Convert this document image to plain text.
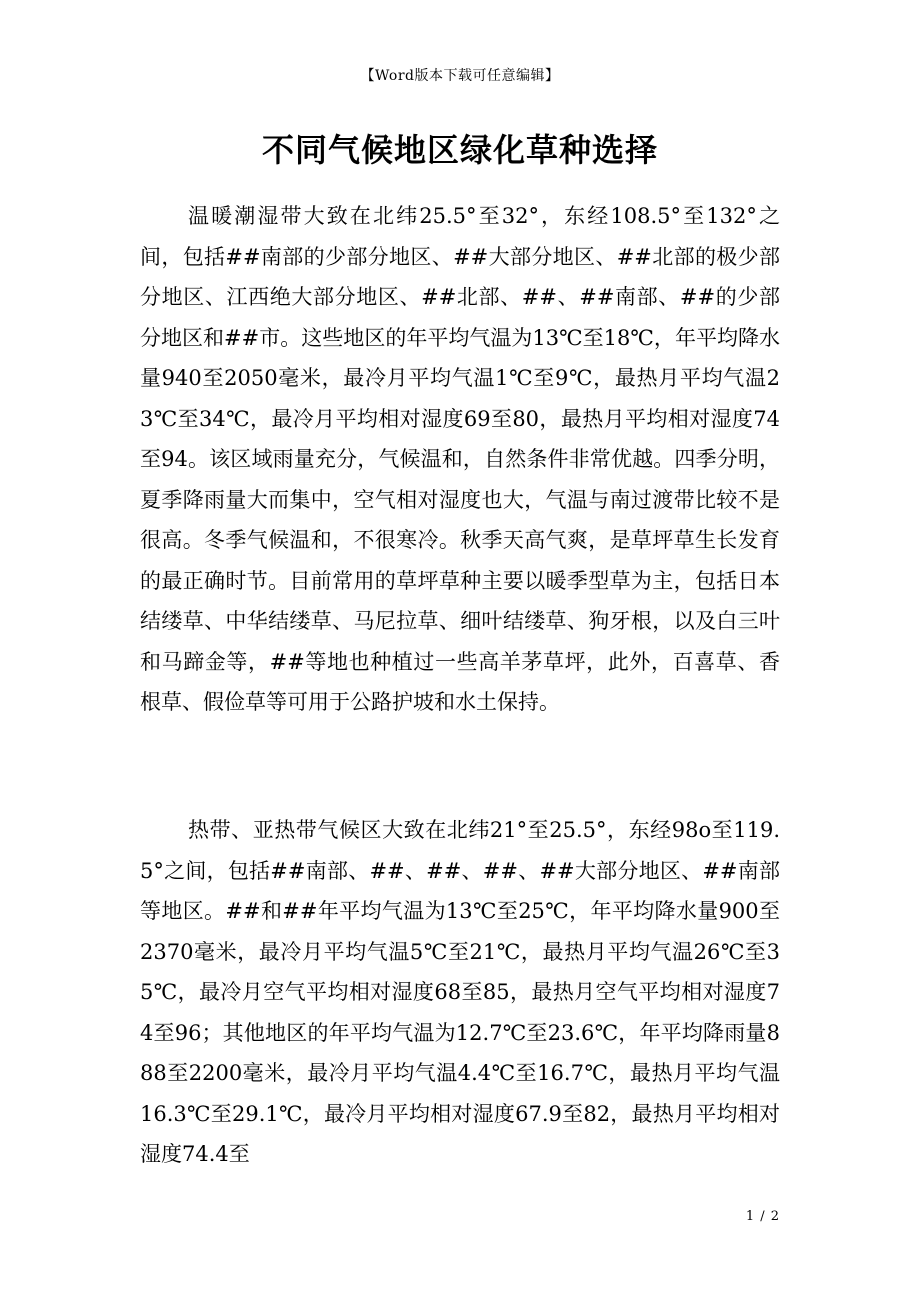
【Word版本下载可任意编辑】
不同气候地区绿化草种选择

温暖潮湿带大致在北纬25.5°至32°，东经108.5°至132°之间，包括##南部的少部分地区、##大部分地区、##北部的极少部分地区、江西绝大部分地区、##北部、##、##南部、##的少部分地区和##市。这些地区的年平均气温为13℃至18℃，年平均降水量940至2050毫米，最冷月平均气温1℃至9℃，最热月平均气温23℃至34℃，最冷月平均相对湿度69至80，最热月平均相对湿度74至94。该区域雨量充分，气候温和，自然条件非常优越。四季分明，夏季降雨量大而集中，空气相对湿度也大，气温与南过渡带比较不是很高。冬季气候温和，不很寒冷。秋季天高气爽，是草坪草生长发育的最正确时节。目前常用的草坪草种主要以暖季型草为主，包括日本结缕草、中华结缕草、马尼拉草、细叶结缕草、狗牙根，以及白三叶和马蹄金等，##等地也种植过一些高羊茅草坪，此外，百喜草、香根草、假俭草等可用于公路护坡和水土保持。

热带、亚热带气候区大致在北纬21°至25.5°，东经98o至119.5°之间，包括##南部、##、##、##、##大部分地区、##南部等地区。##和##年平均气温为13℃至25℃，年平均降水量900至2370毫米，最冷月平均气温5℃至21℃，最热月平均气温26℃至35℃，最冷月空气平均相对湿度68至85，最热月空气平均相对湿度74至96；其他地区的年平均气温为12.7℃至23.6℃，年平均降雨量888至2200毫米，最冷月平均气温4.4℃至16.7℃，最热月平均气温16.3℃至29.1℃，最冷月平均相对湿度67.9至82，最热月平均相对湿度74.4至

1 / 2
